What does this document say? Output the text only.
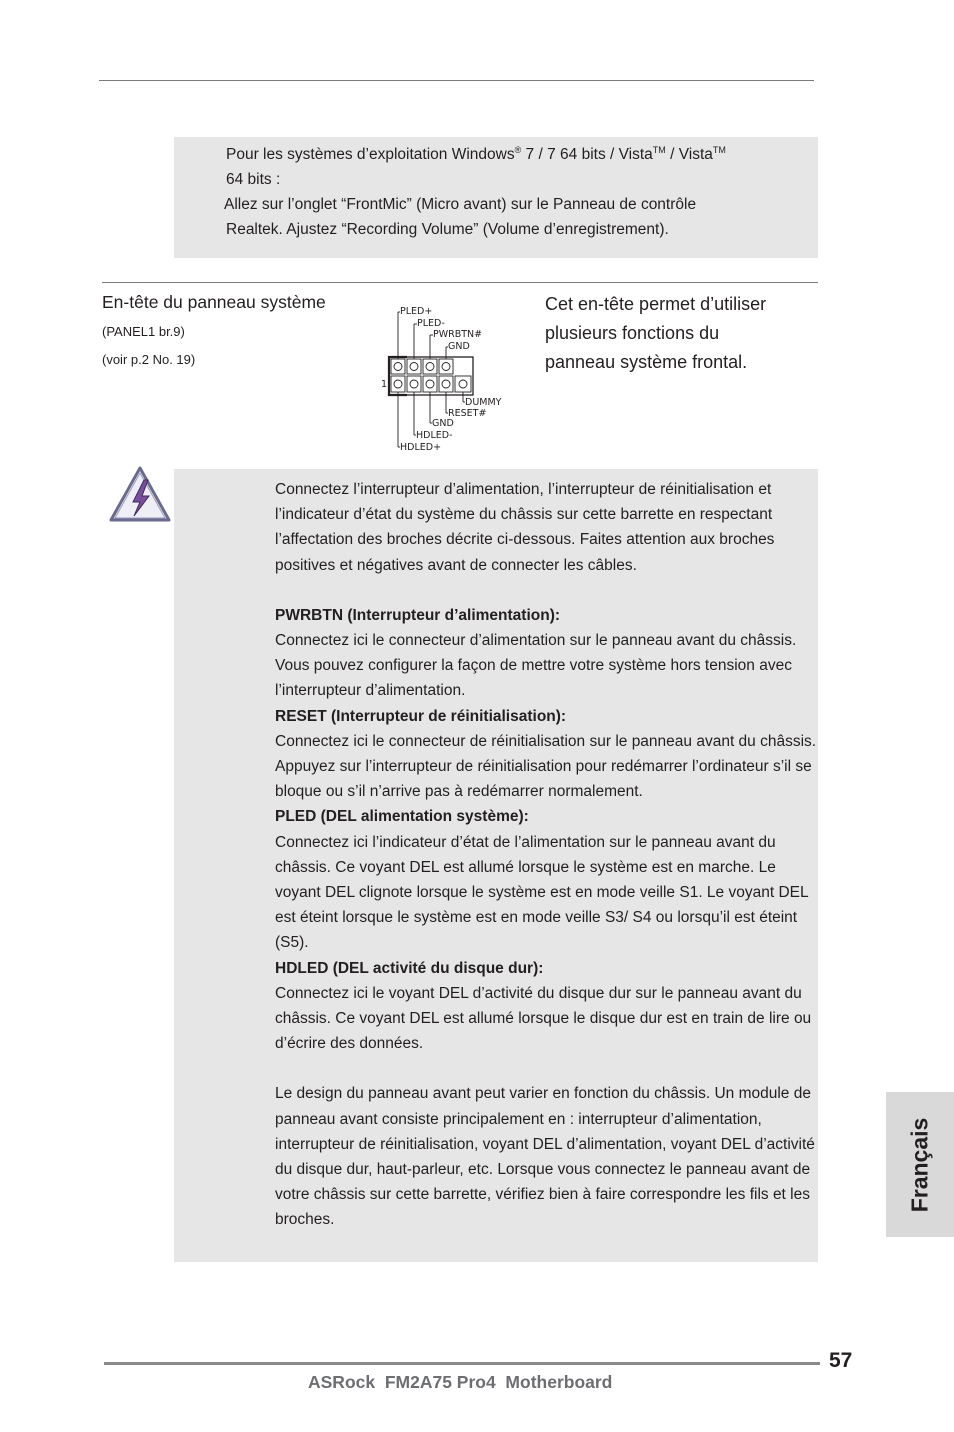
Pour les systèmes d’exploitation Windows® 7 / 7 64 bits / Vista™ / Vista™
64 bits :
Allez sur l’onglet “FrontMic” (Micro avant) sur le Panneau de contrôle
Realtek. Ajustez “Recording Volume” (Volume d’enregistrement).
En-tête du panneau système
(PANEL1 br.9)
(voir p.2 No. 19)
Cet en-tête permet d’utiliser
plusieurs fonctions du
panneau système frontal.
1
PLED+
PLED-
PWRBTN#
GND
DUMMY
RESET#
GND
HDLED-
HDLED+

Connectez l’interrupteur d’alimentation, l’interrupteur de réinitialisation et l’indicateur d’état du système du châssis sur cette barrette en respectant l’affectation des broches décrite ci-dessous. Faites attention aux broches positives et négatives avant de connecter les câbles.

PWRBTN (Interrupteur d’alimentation):

Connectez ici le connecteur d’alimentation sur le panneau avant du châssis. Vous pouvez configurer la façon de mettre votre système hors tension avec l’interrupteur d’alimentation.

RESET (Interrupteur de réinitialisation):

Connectez ici le connecteur de réinitialisation sur le panneau avant du châssis. Appuyez sur l’interrupteur de réinitialisation pour redémarrer l’ordinateur s’il se bloque ou s’il n’arrive pas à redémarrer normalement.

PLED (DEL alimentation système):

Connectez ici l’indicateur d’état de l’alimentation sur le panneau avant du châssis. Ce voyant DEL est allumé lorsque le système est en marche. Le voyant DEL clignote lorsque le système est en mode veille S1. Le voyant DEL est éteint lorsque le système est en mode veille S3/ S4 ou lorsqu’il est éteint (S5).

HDLED (DEL activité du disque dur):

Connectez ici le voyant DEL d’activité du disque dur sur le panneau avant du châssis. Ce voyant DEL est allumé lorsque le disque dur est en train de lire ou d’écrire des données.

Le design du panneau avant peut varier en fonction du châssis. Un module de panneau avant consiste principalement en : interrupteur d’alimentation, interrupteur de réinitialisation, voyant DEL d’alimentation, voyant DEL d’activité du disque dur, haut-parleur, etc. Lorsque vous connectez le panneau avant de votre châssis sur cette barrette, vérifiez bien à faire correspondre les fils et les broches.

Français
57
ASRock  FM2A75 Pro4  Motherboard
